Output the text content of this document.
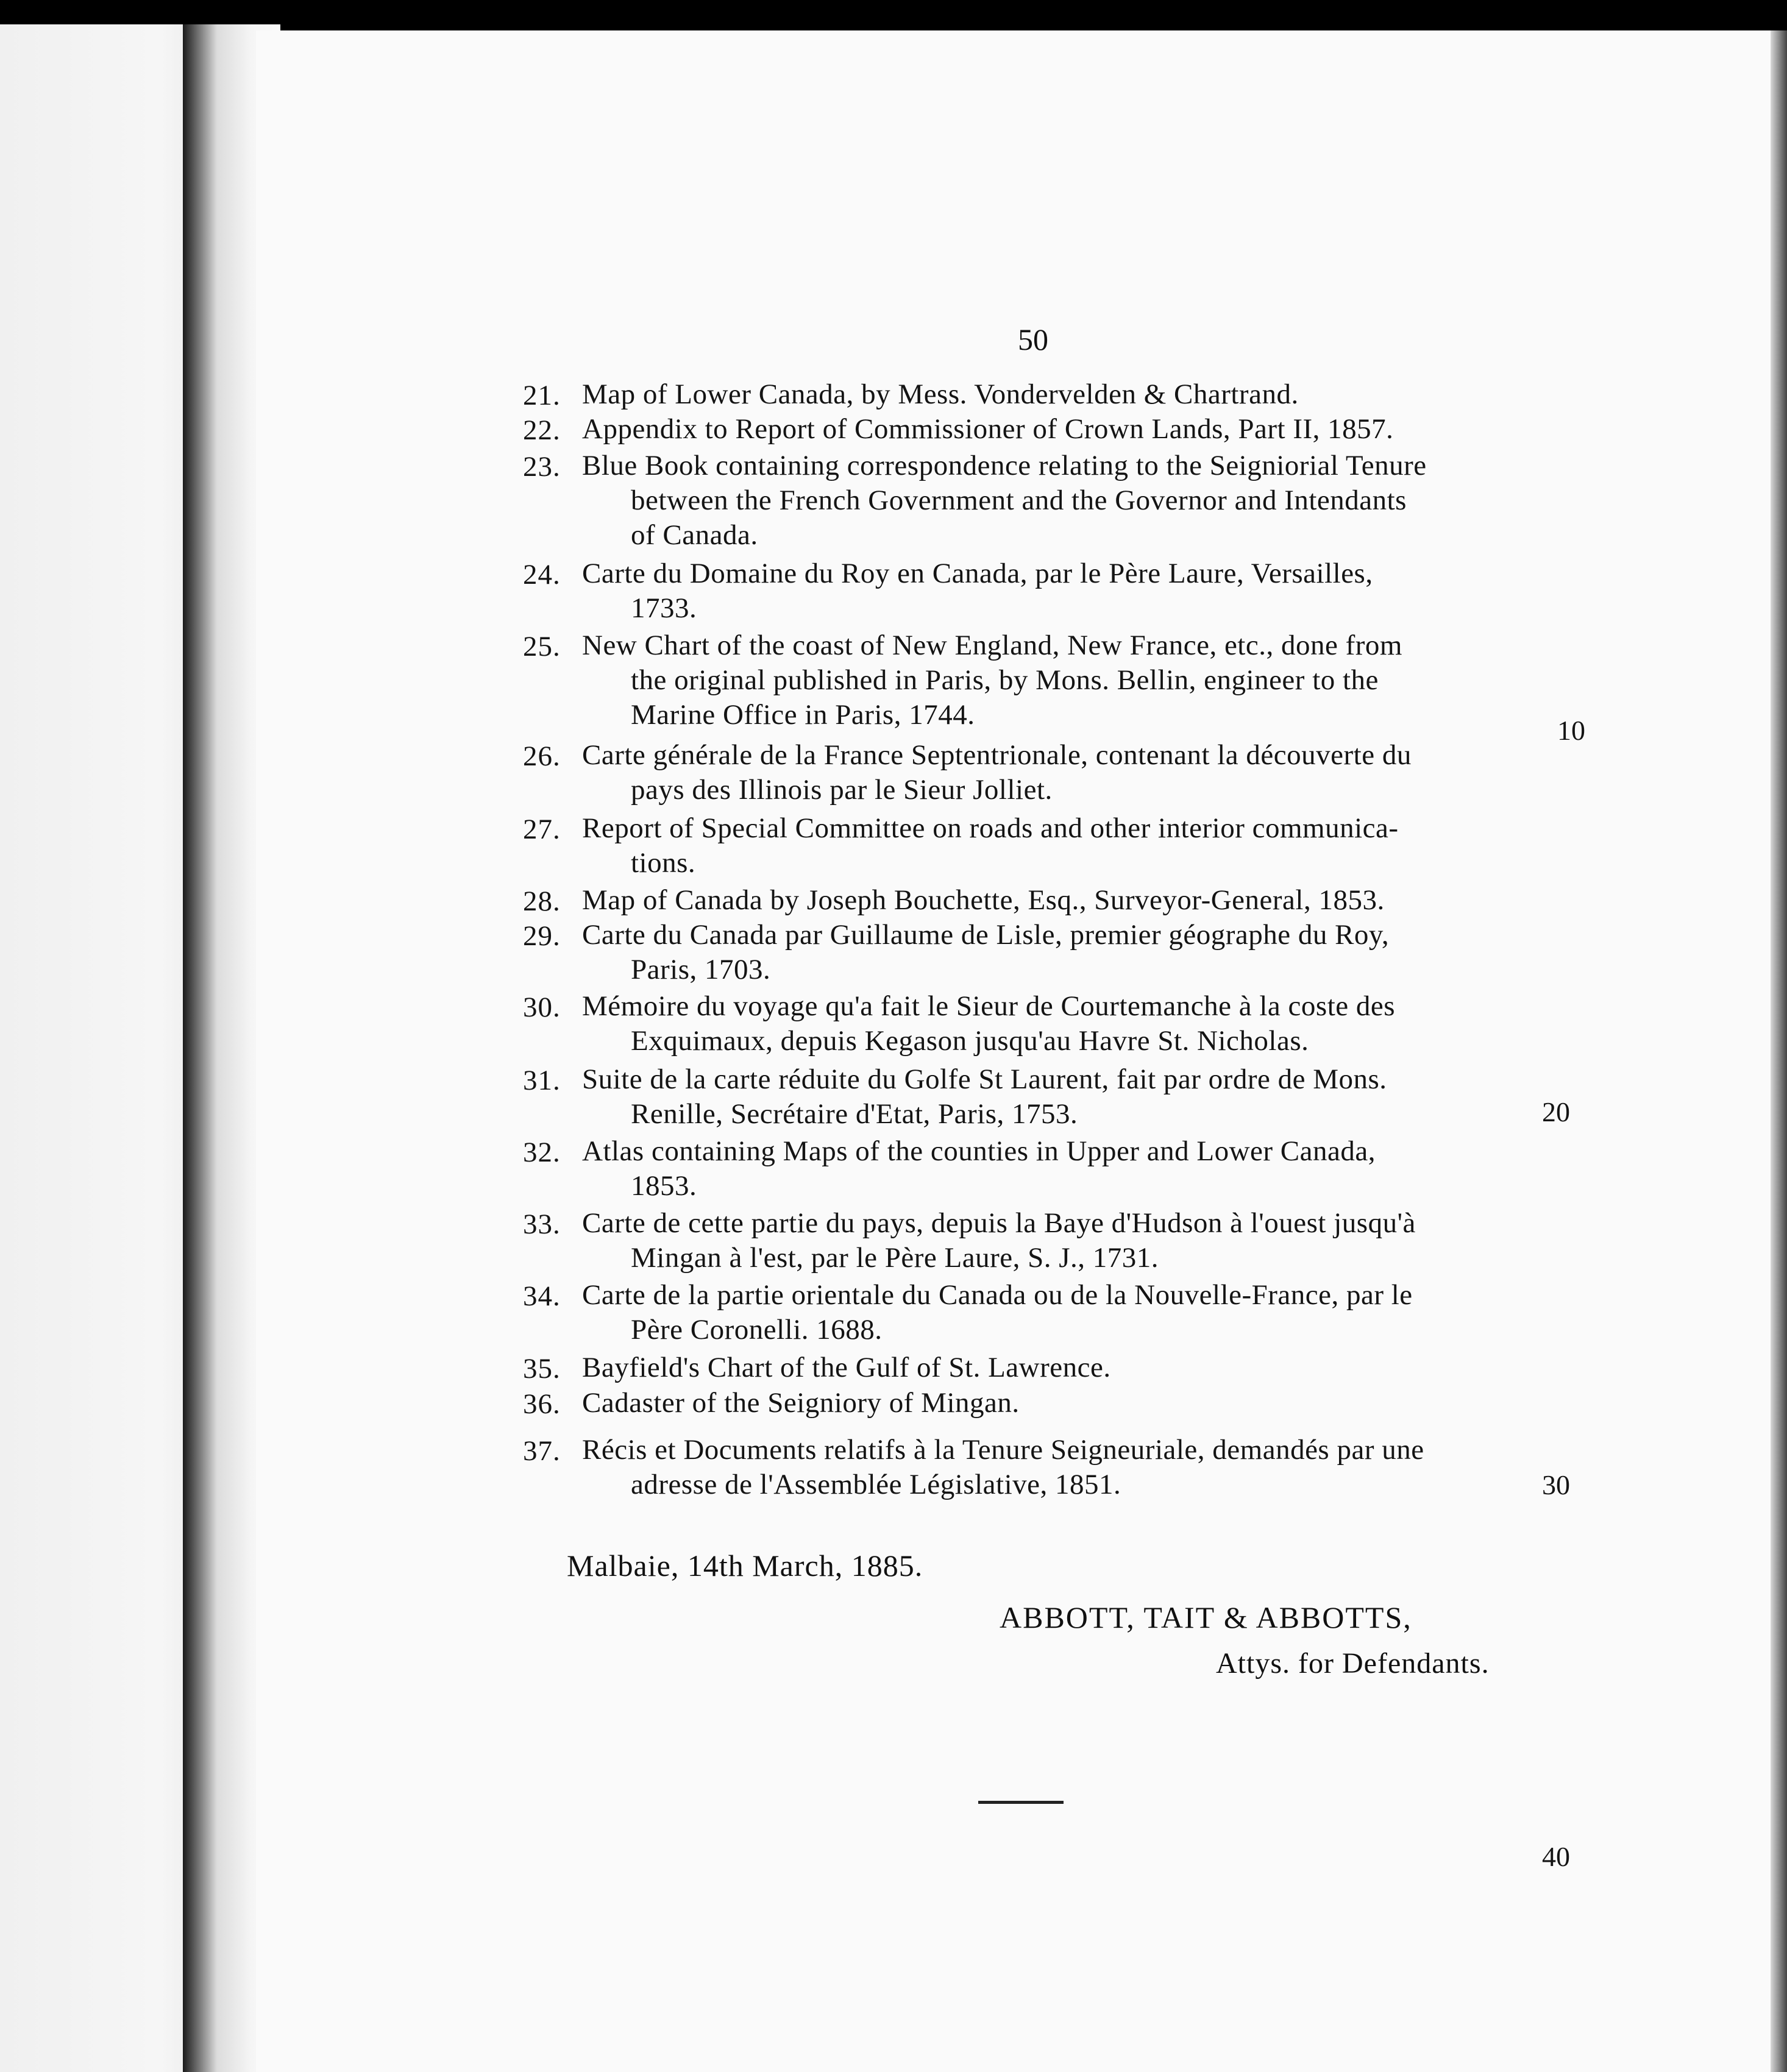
50
21. Map of Lower Canada, by Mess. Vondervelden & Chartrand.
22. Appendix to Report of Commissioner of Crown Lands, Part II, 1857.
23. Blue Book containing correspondence relating to the Seigniorial Tenure
between the French Government and the Governor and Intendants
of Canada.
24. Carte du Domaine du Roy en Canada, par le Père Laure, Versailles,
1733.
25. New Chart of the coast of New England, New France, etc., done from
the original published in Paris, by Mons. Bellin, engineer to the
Marine Office in Paris, 1744.
26. Carte générale de la France Septentrionale, contenant la découverte du
pays des Illinois par le Sieur Jolliet.
27. Report of Special Committee on roads and other interior communica-
tions.
28. Map of Canada by Joseph Bouchette, Esq., Surveyor-General, 1853.
29. Carte du Canada par Guillaume de Lisle, premier géographe du Roy,
Paris, 1703.
30. Mémoire du voyage qu'a fait le Sieur de Courtemanche à la coste des
Exquimaux, depuis Kegason jusqu'au Havre St. Nicholas.
31. Suite de la carte réduite du Golfe St Laurent, fait par ordre de Mons.
Renille, Secrétaire d'Etat, Paris, 1753.
32. Atlas containing Maps of the counties in Upper and Lower Canada,
1853.
33. Carte de cette partie du pays, depuis la Baye d'Hudson à l'ouest jusqu'à
Mingan à l'est, par le Père Laure, S. J., 1731.
34. Carte de la partie orientale du Canada ou de la Nouvelle-France, par le
Père Coronelli. 1688.
35. Bayfield's Chart of the Gulf of St. Lawrence.
36. Cadaster of the Seigniory of Mingan.
37. Récis et Documents relatifs à la Tenure Seigneuriale, demandés par une
adresse de l'Assemblée Législative, 1851.
10
20
30
40
Malbaie, 14th March, 1885.
ABBOTT, TAIT & ABBOTTS,
Attys. for Defendants.
